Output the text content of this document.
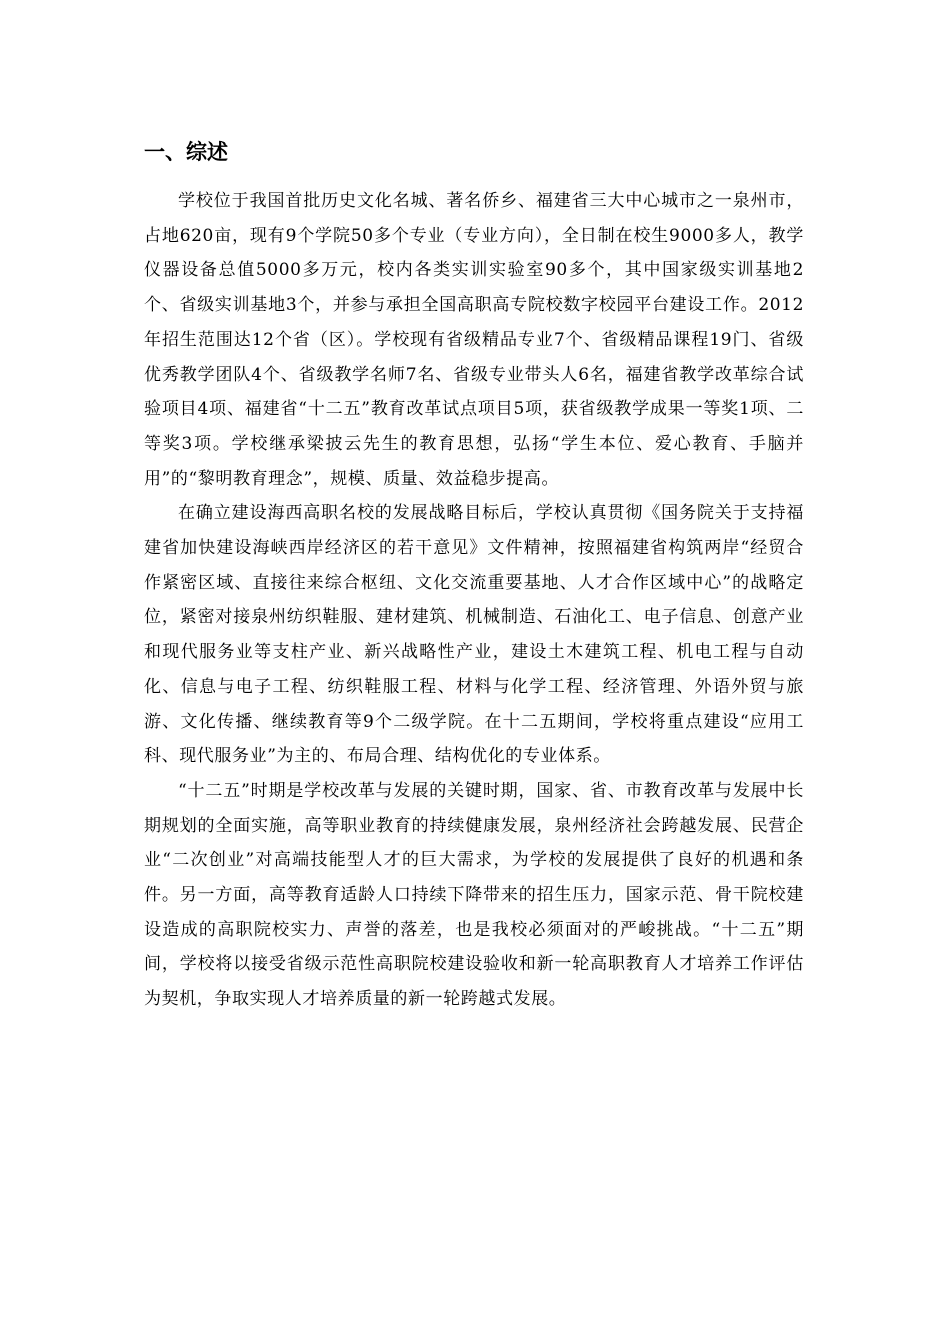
一、综述

学校位于我国首批历史文化名城、著名侨乡、福建省三大中心城市之一泉州市，占地620亩，现有9个学院50多个专业（专业方向），全日制在校生9000多人，教学仪器设备总值5000多万元，校内各类实训实验室90多个，其中国家级实训基地2个、省级实训基地3个，并参与承担全国高职高专院校数字校园平台建设工作。2012年招生范围达12个省（区）。学校现有省级精品专业7个、省级精品课程19门、省级优秀教学团队4个、省级教学名师7名、省级专业带头人6名，福建省教学改革综合试验项目4项、福建省“十二五”教育改革试点项目5项，获省级教学成果一等奖1项、二等奖3项。学校继承梁披云先生的教育思想，弘扬“学生本位、爱心教育、手脑并用”的“黎明教育理念”，规模、质量、效益稳步提高。

在确立建设海西高职名校的发展战略目标后，学校认真贯彻《国务院关于支持福建省加快建设海峡西岸经济区的若干意见》文件精神，按照福建省构筑两岸“经贸合作紧密区域、直接往来综合枢纽、文化交流重要基地、人才合作区域中心”的战略定位，紧密对接泉州纺织鞋服、建材建筑、机械制造、石油化工、电子信息、创意产业和现代服务业等支柱产业、新兴战略性产业，建设土木建筑工程、机电工程与自动化、信息与电子工程、纺织鞋服工程、材料与化学工程、经济管理、外语外贸与旅游、文化传播、继续教育等9个二级学院。在十二五期间，学校将重点建设“应用工科、现代服务业”为主的、布局合理、结构优化的专业体系。

“十二五”时期是学校改革与发展的关键时期，国家、省、市教育改革与发展中长期规划的全面实施，高等职业教育的持续健康发展，泉州经济社会跨越发展、民营企业“二次创业”对高端技能型人才的巨大需求，为学校的发展提供了良好的机遇和条件。另一方面，高等教育适龄人口持续下降带来的招生压力，国家示范、骨干院校建设造成的高职院校实力、声誉的落差，也是我校必须面对的严峻挑战。“十二五”期间，学校将以接受省级示范性高职院校建设验收和新一轮高职教育人才培养工作评估为契机，争取实现人才培养质量的新一轮跨越式发展。
